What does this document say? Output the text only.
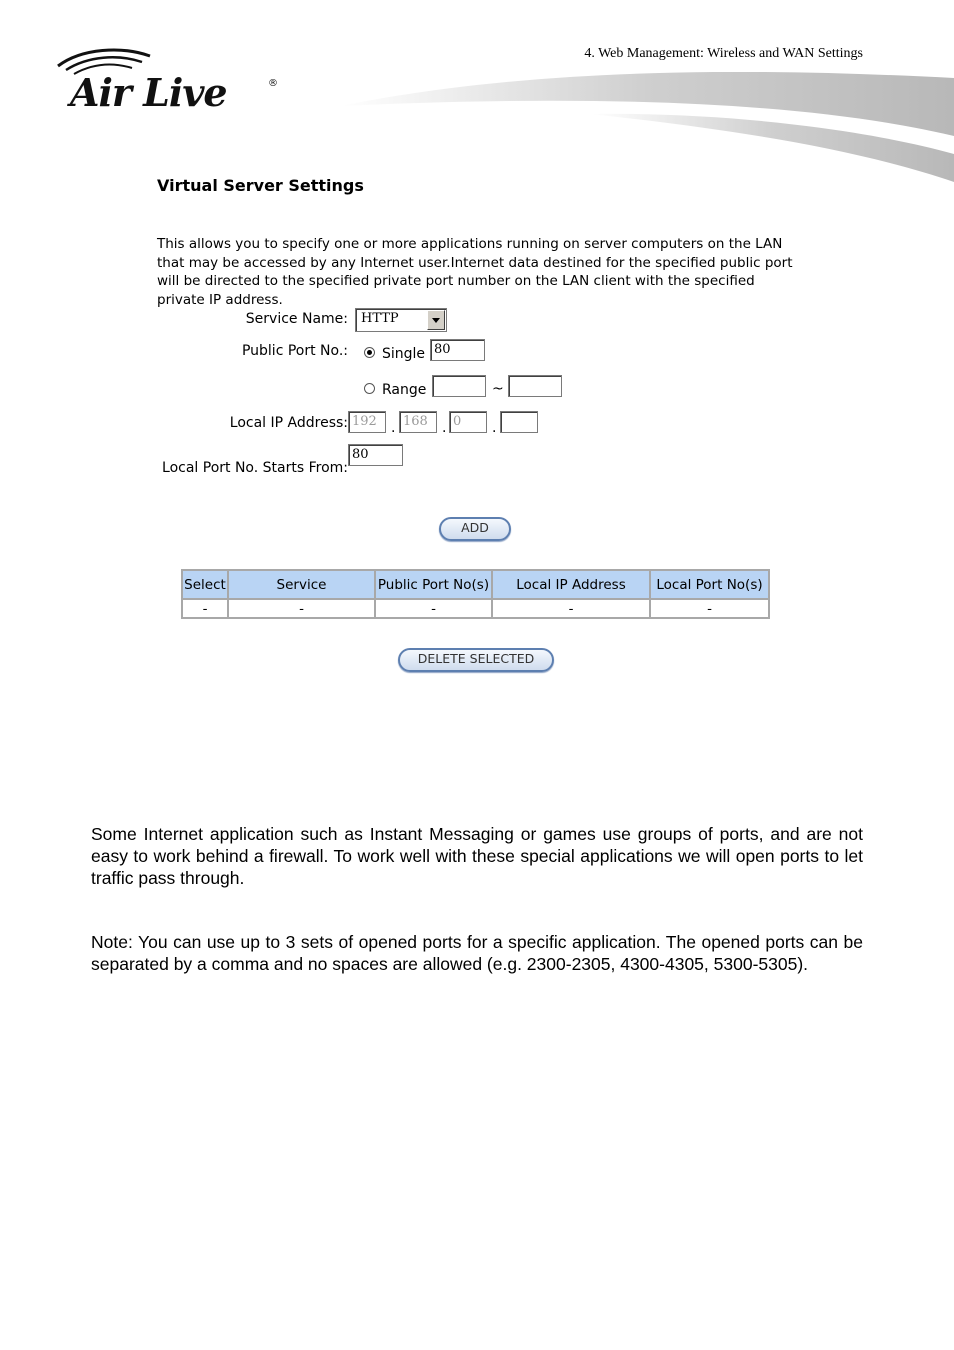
4. Web Management: Wireless and WAN Settings
Air Live	®
Virtual Server Settings
This allows you to specify one or more applications running on server computers on the LAN that may be accessed by any Internet user.Internet data destined for the specified public port will be directed to the specified private port number on the LAN client with the specified private IP address.
Service Name: HTTP
Public Port No.: Single 80
Range	~
Local IP Address: 192	. 168	. 0	.
Local Port No. Starts From:
80
ADD
Select	Service	Public Port No(s)	Local IP Address	Local Port No(s)
-	-	-	-	-
DELETE SELECTED
Some Internet application such as Instant Messaging or games use groups of ports, and are not easy to work behind a firewall. To work well with these special applications we will open ports to let traffic pass through.
Note: You can use up to 3 sets of opened ports for a specific application. The opened ports can be separated by a comma and no spaces are allowed (e.g. 2300-2305, 4300-4305, 5300-5305).
